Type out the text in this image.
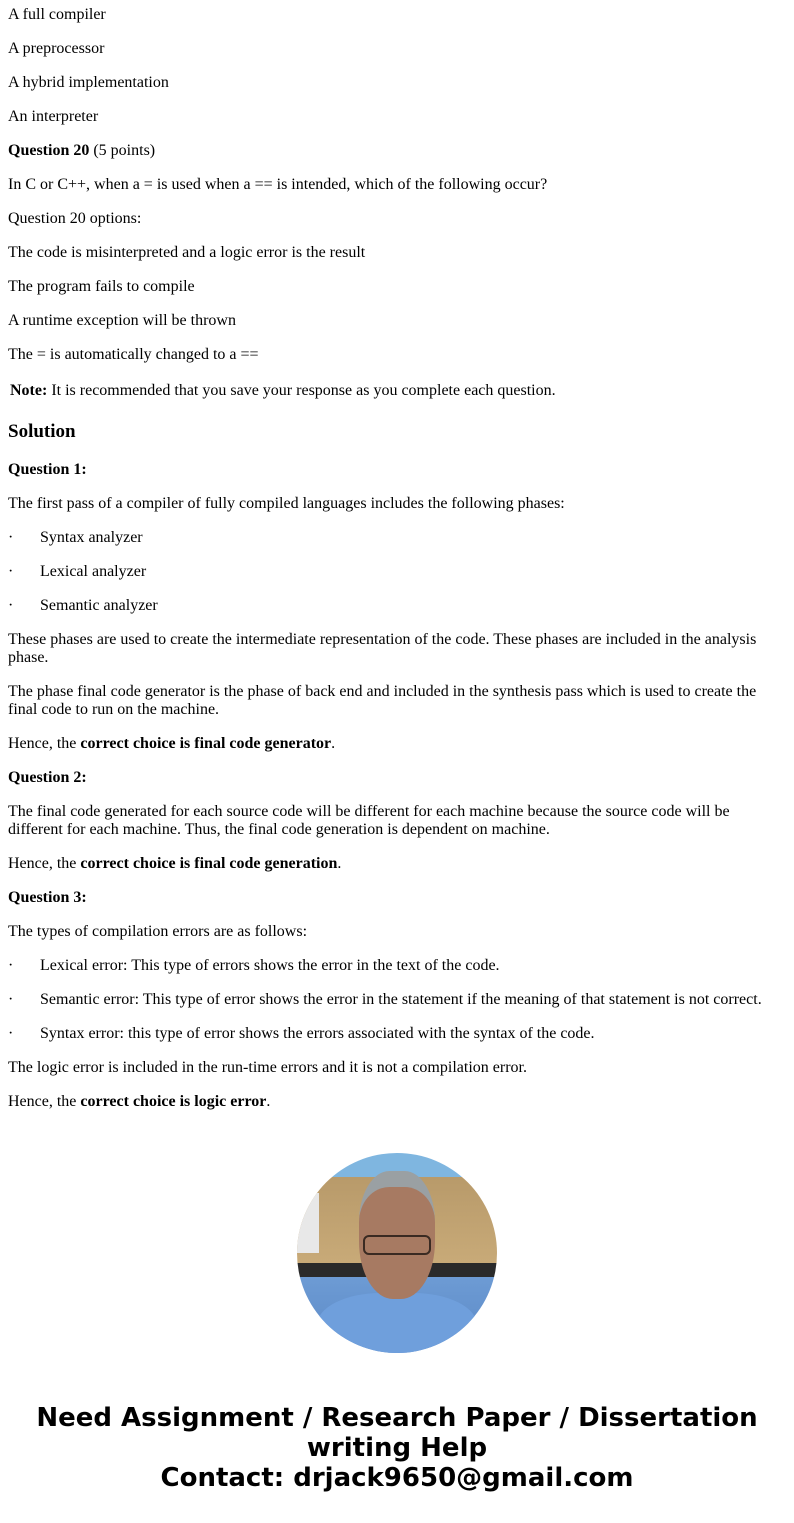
A full compiler

A preprocessor

A hybrid implementation

An interpreter

Question 20 (5 points)

In C or C++, when a = is used when a == is intended, which of the following occur?

Question 20 options:

The code is misinterpreted and a logic error is the result

The program fails to compile

A runtime exception will be thrown

The = is automatically changed to a ==

Note: It is recommended that you save your response as you complete each question.

Solution

Question 1:

The first pass of a compiler of fully compiled languages includes the following phases:

· Syntax analyzer

· Lexical analyzer

· Semantic analyzer

These phases are used to create the intermediate representation of the code. These phases are included in the analysis phase.

The phase final code generator is the phase of back end and included in the synthesis pass which is used to create the final code to run on the machine.

Hence, the correct choice is final code generator.

Question 2:

The final code generated for each source code will be different for each machine because the source code will be different for each machine. Thus, the final code generation is dependent on machine.

Hence, the correct choice is final code generation.

Question 3:

The types of compilation errors are as follows:

· Lexical error: This type of errors shows the error in the text of the code.

· Semantic error: This type of error shows the error in the statement if the meaning of that statement is not correct.

· Syntax error: this type of error shows the errors associated with the syntax of the code.

The logic error is included in the run-time errors and it is not a compilation error.

Hence, the correct choice is logic error.

Need Assignment / Research Paper / Dissertation
writing Help
Contact: drjack9650@gmail.com
